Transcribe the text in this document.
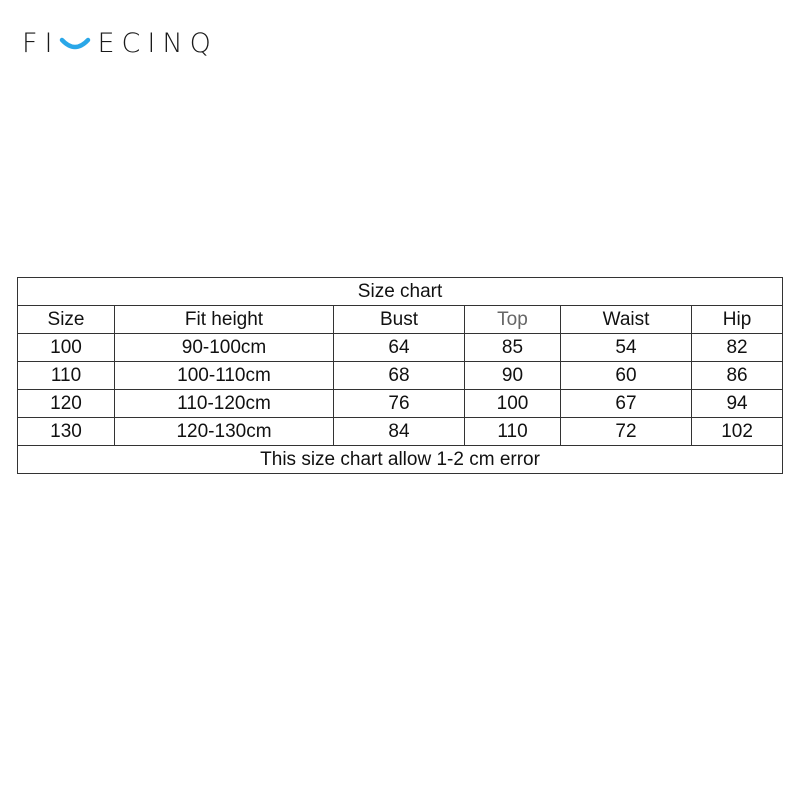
FI ECINQ
Size chart					
Size	Fit height	Bust	Top	Waist	Hip
100	90-100cm	64	85	54	82
110	100-110cm	68	90	60	86
120	110-120cm	76	100	67	94
130	120-130cm	84	110	72	102
This size chart allow 1-2 cm error					
